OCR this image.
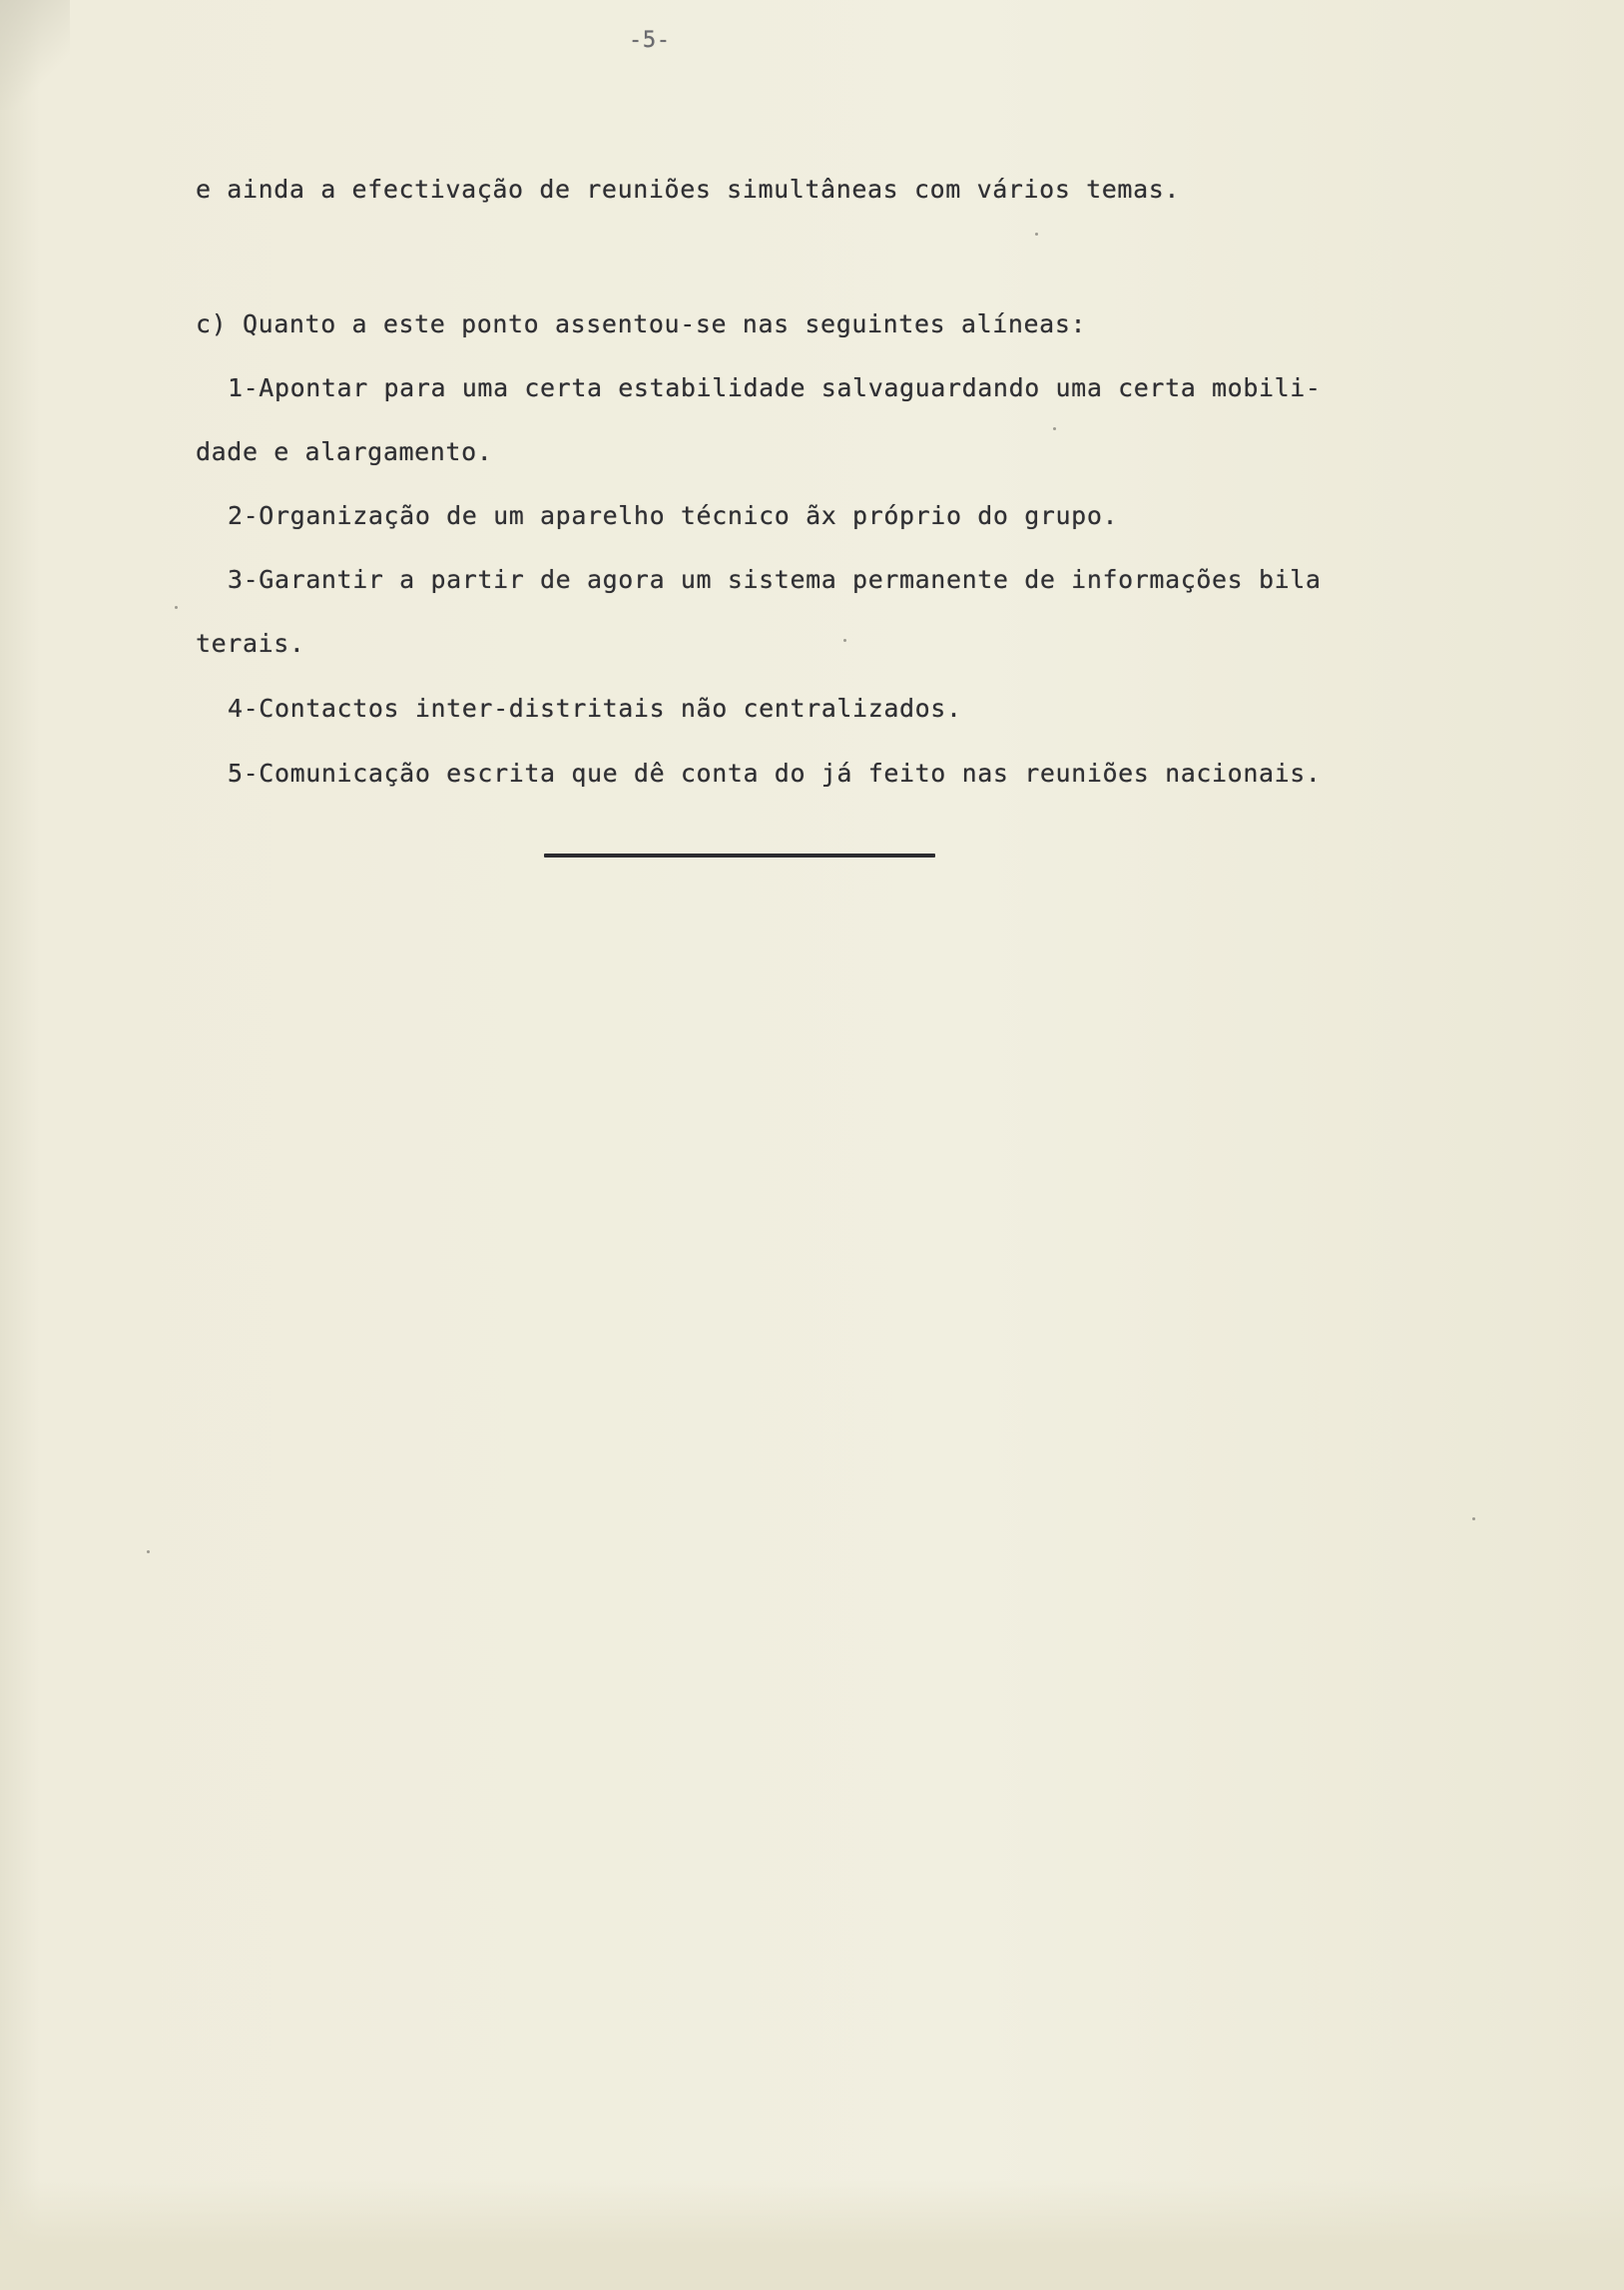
-5-
e ainda a efectivação de reuniões simultâneas com vários temas.
c) Quanto a este ponto assentou-se nas seguintes alíneas:
1-Apontar para uma certa estabilidade salvaguardando uma certa mobili-
dade e alargamento.
2-Organização de um aparelho técnico ãx próprio do grupo.
3-Garantir a partir de agora um sistema permanente de informações bila
terais.
4-Contactos inter-distritais não centralizados.
5-Comunicação escrita que dê conta do já feito nas reuniões nacionais.
